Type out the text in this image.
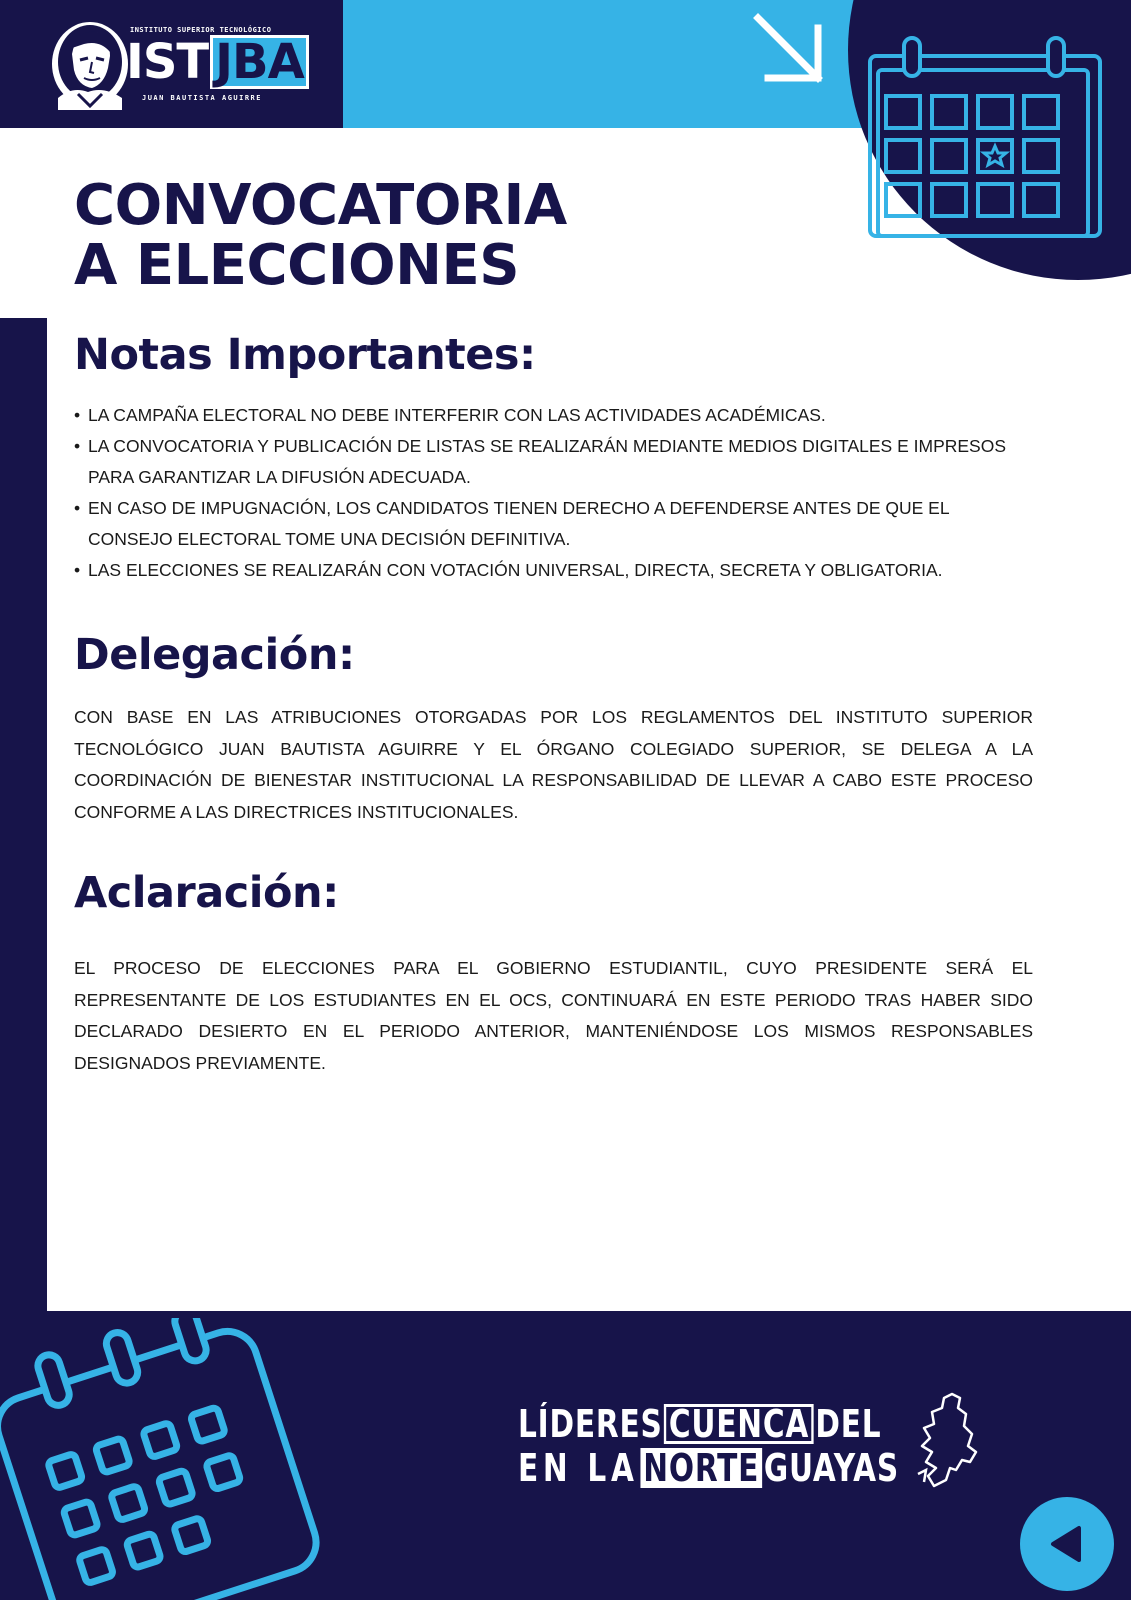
INSTITUTO SUPERIOR TECNOLÓGICO
IST JBA
JUAN BAUTISTA AGUIRRE
CONVOCATORIA
A ELECCIONES
Notas Importantes:
• LA CAMPAÑA ELECTORAL NO DEBE INTERFERIR CON LAS ACTIVIDADES ACADÉMICAS.
• LA CONVOCATORIA Y PUBLICACIÓN DE LISTAS SE REALIZARÁN MEDIANTE MEDIOS DIGITALES E IMPRESOS PARA GARANTIZAR LA DIFUSIÓN ADECUADA.
• EN CASO DE IMPUGNACIÓN, LOS CANDIDATOS TIENEN DERECHO A DEFENDERSE ANTES DE QUE EL CONSEJO ELECTORAL TOME UNA DECISIÓN DEFINITIVA.
• LAS ELECCIONES SE REALIZARÁN CON VOTACIÓN UNIVERSAL, DIRECTA, SECRETA Y OBLIGATORIA.
Delegación:

CON BASE EN LAS ATRIBUCIONES OTORGADAS POR LOS REGLAMENTOS DEL INSTITUTO SUPERIOR TECNOLÓGICO JUAN BAUTISTA AGUIRRE Y EL ÓRGANO COLEGIADO SUPERIOR, SE DELEGA A LA COORDINACIÓN DE BIENESTAR INSTITUCIONAL LA RESPONSABILIDAD DE LLEVAR A CABO ESTE PROCESO CONFORME A LAS DIRECTRICES INSTITUCIONALES.

Aclaración:

EL PROCESO DE ELECCIONES PARA EL GOBIERNO ESTUDIANTIL, CUYO PRESIDENTE SERÁ EL REPRESENTANTE DE LOS ESTUDIANTES EN EL OCS, CONTINUARÁ EN ESTE PERIODO TRAS HABER SIDO DECLARADO DESIERTO EN EL PERIODO ANTERIOR, MANTENIÉNDOSE LOS MISMOS RESPONSABLES DESIGNADOS PREVIAMENTE.

LÍDERES CUENCA DEL
EN LA NORTE GUAYAS
